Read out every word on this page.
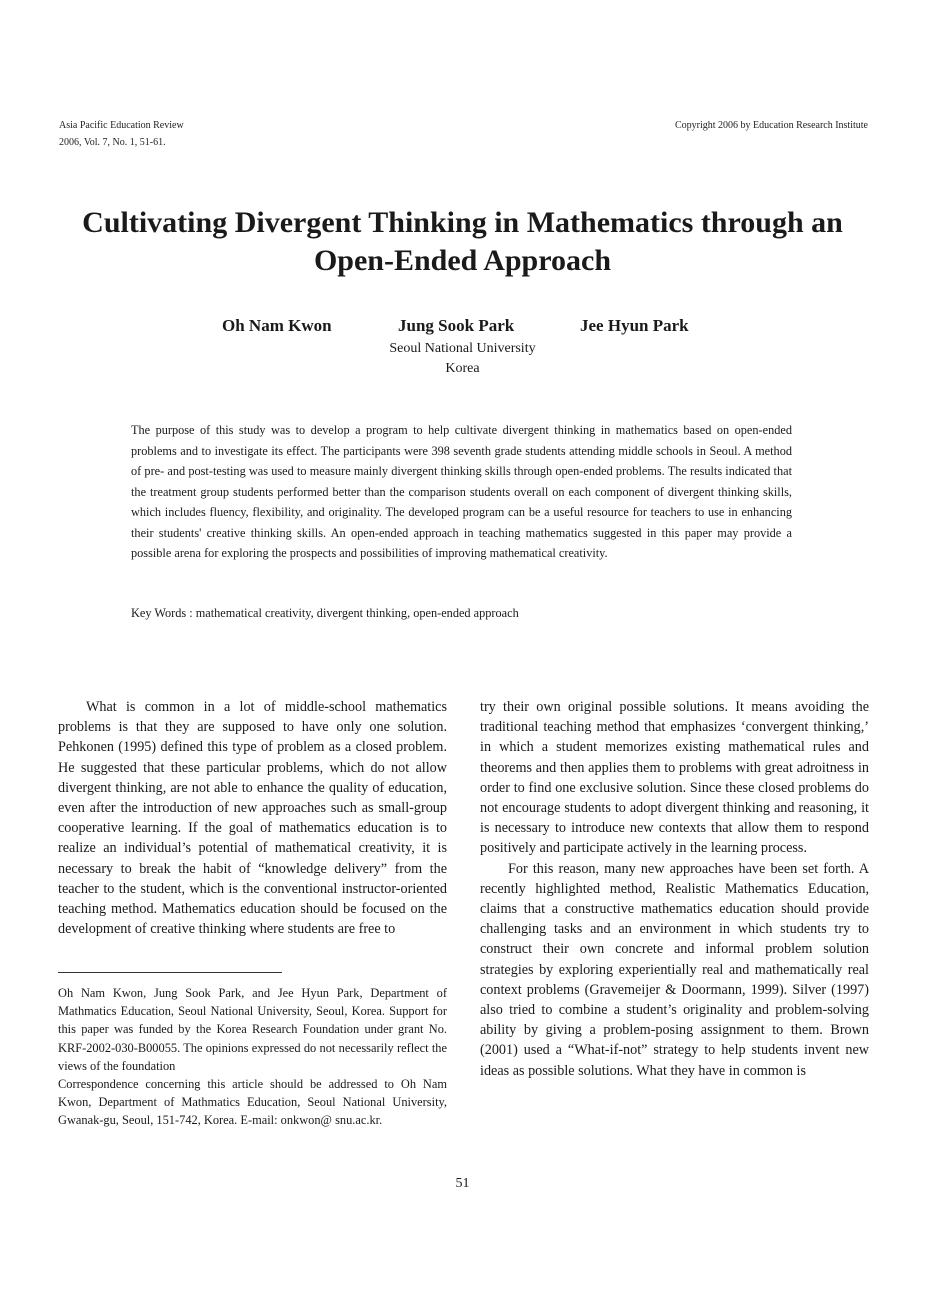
Asia Pacific Education Review
2006, Vol. 7, No. 1, 51-61.
Copyright 2006 by Education Research Institute
Cultivating Divergent Thinking in Mathematics through an
Open-Ended Approach
Oh Nam Kwon	Jung Sook Park	Jee Hyun Park
Seoul National University
Korea

The purpose of this study was to develop a program to help cultivate divergent thinking in mathematics based on open-ended problems and to investigate its effect. The participants were 398 seventh grade students attending middle schools in Seoul. A method of pre- and post-testing was used to measure mainly divergent thinking skills through open-ended problems. The results indicated that the treatment group students performed better than the comparison students overall on each component of divergent thinking skills, which includes fluency, flexibility, and originality. The developed program can be a useful resource for teachers to use in enhancing their students' creative thinking skills. An open-ended approach in teaching mathematics suggested in this paper may provide a possible arena for exploring the prospects and possibilities of improving mathematical creativity.

Key Words : mathematical creativity, divergent thinking, open-ended approach

What is common in a lot of middle-school mathematics problems is that they are supposed to have only one solution. Pehkonen (1995) defined this type of problem as a closed problem. He suggested that these particular problems, which do not allow divergent thinking, are not able to enhance the quality of education, even after the introduction of new approaches such as small-group cooperative learning. If the goal of mathematics education is to realize an individual’s potential of mathematical creativity, it is necessary to break the habit of “knowledge delivery” from the teacher to the student, which is the conventional instructor-oriented teaching method. Mathematics education should be focused on the development of creative thinking where students are free to

try their own original possible solutions. It means avoiding the traditional teaching method that emphasizes ‘convergent thinking,’ in which a student memorizes existing mathematical rules and theorems and then applies them to problems with great adroitness in order to find one exclusive solution. Since these closed problems do not encourage students to adopt divergent thinking and reasoning, it is necessary to introduce new contexts that allow them to respond positively and participate actively in the learning process.

For this reason, many new approaches have been set forth. A recently highlighted method, Realistic Mathematics Education, claims that a constructive mathematics education should provide challenging tasks and an environment in which students try to construct their own concrete and informal problem solution strategies by exploring experientially real and mathematically real context problems (Gravemeijer & Doormann, 1999). Silver (1997) also tried to combine a student’s originality and problem-solving ability by giving a problem-posing assignment to them. Brown (2001) used a “What-if-not” strategy to help students invent new ideas as possible solutions. What they have in common is

Oh Nam Kwon, Jung Sook Park, and Jee Hyun Park, Department of Mathmatics Education, Seoul National University, Seoul, Korea. Support for this paper was funded by the Korea Research Foundation under grant No. KRF-2002-030-B00055. The opinions expressed do not necessarily reflect the views of the foundation

Correspondence concerning this article should be addressed to Oh Nam Kwon, Department of Mathmatics Education, Seoul National University, Gwanak-gu, Seoul, 151-742, Korea. E-mail: onkwon@ snu.ac.kr.

51
